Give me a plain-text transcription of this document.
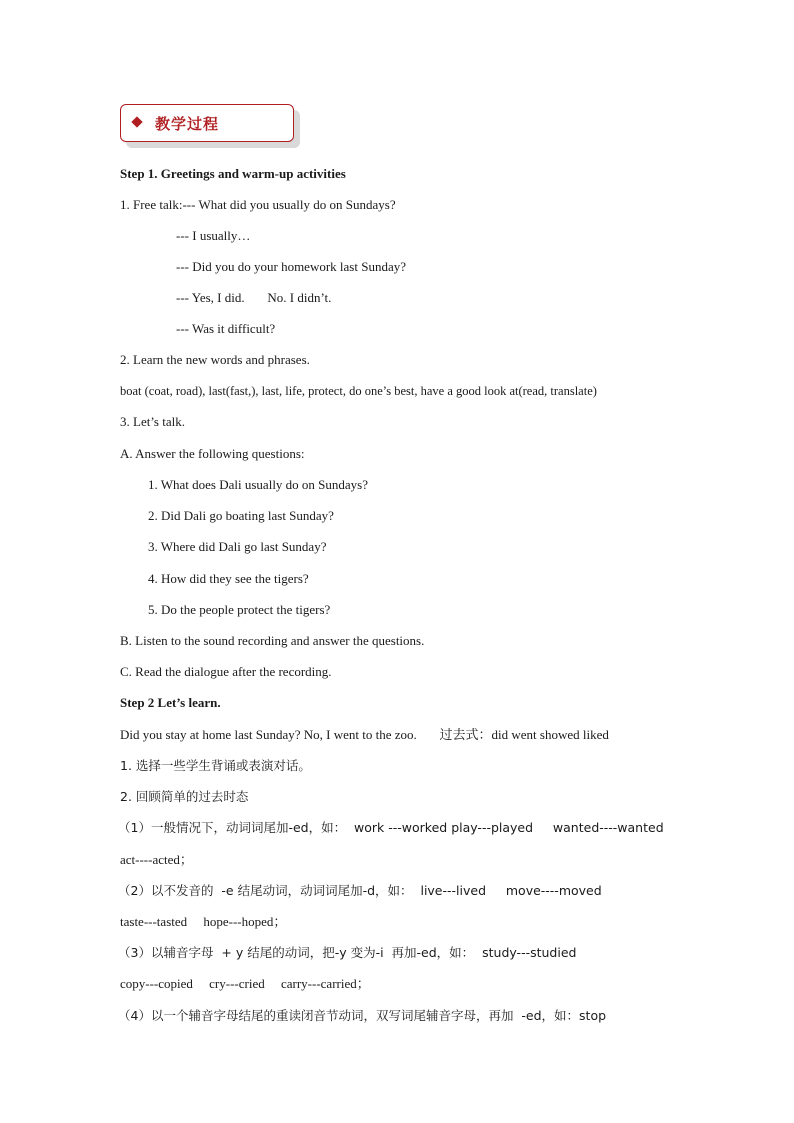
教学过程
Step 1. Greetings and warm-up activities
1. Free talk:--- What did you usually do on Sundays?
--- I usually…
--- Did you do your homework last Sunday?
--- Yes, I did.       No. I didn’t.
--- Was it difficult?
2. Learn the new words and phrases.
boat (coat, road), last(fast,), last, life, protect, do one’s best, have a good look at(read, translate)
3. Let’s talk.
A. Answer the following questions:
1. What does Dali usually do on Sundays?
2. Did Dali go boating last Sunday?
3. Where did Dali go last Sunday?
4. How did they see the tigers?
5. Do the people protect the tigers?
B. Listen to the sound recording and answer the questions.
C. Read the dialogue after the recording.
Step 2 Let’s learn.
Did you stay at home last Sunday? No, I went to the zoo.       过去式：did went showed liked
1. 选择一些学生背诵或表演对话。
2. 回顾简单的过去时态
（1）一般情况下，动词词尾加-ed，如：  work ---worked play---played     wanted----wanted
act----acted；
（2）以不发音的  -e 结尾动词，动词词尾加-d，如：  live---lived     move----moved
taste---tasted     hope---hoped；
（3）以辅音字母  + y 结尾的动词，把-y 变为-i  再加-ed，如：  study---studied
copy---copied     cry---cried     carry---carried；
（4）以一个辅音字母结尾的重读闭音节动词，双写词尾辅音字母，再加  -ed，如：stop
